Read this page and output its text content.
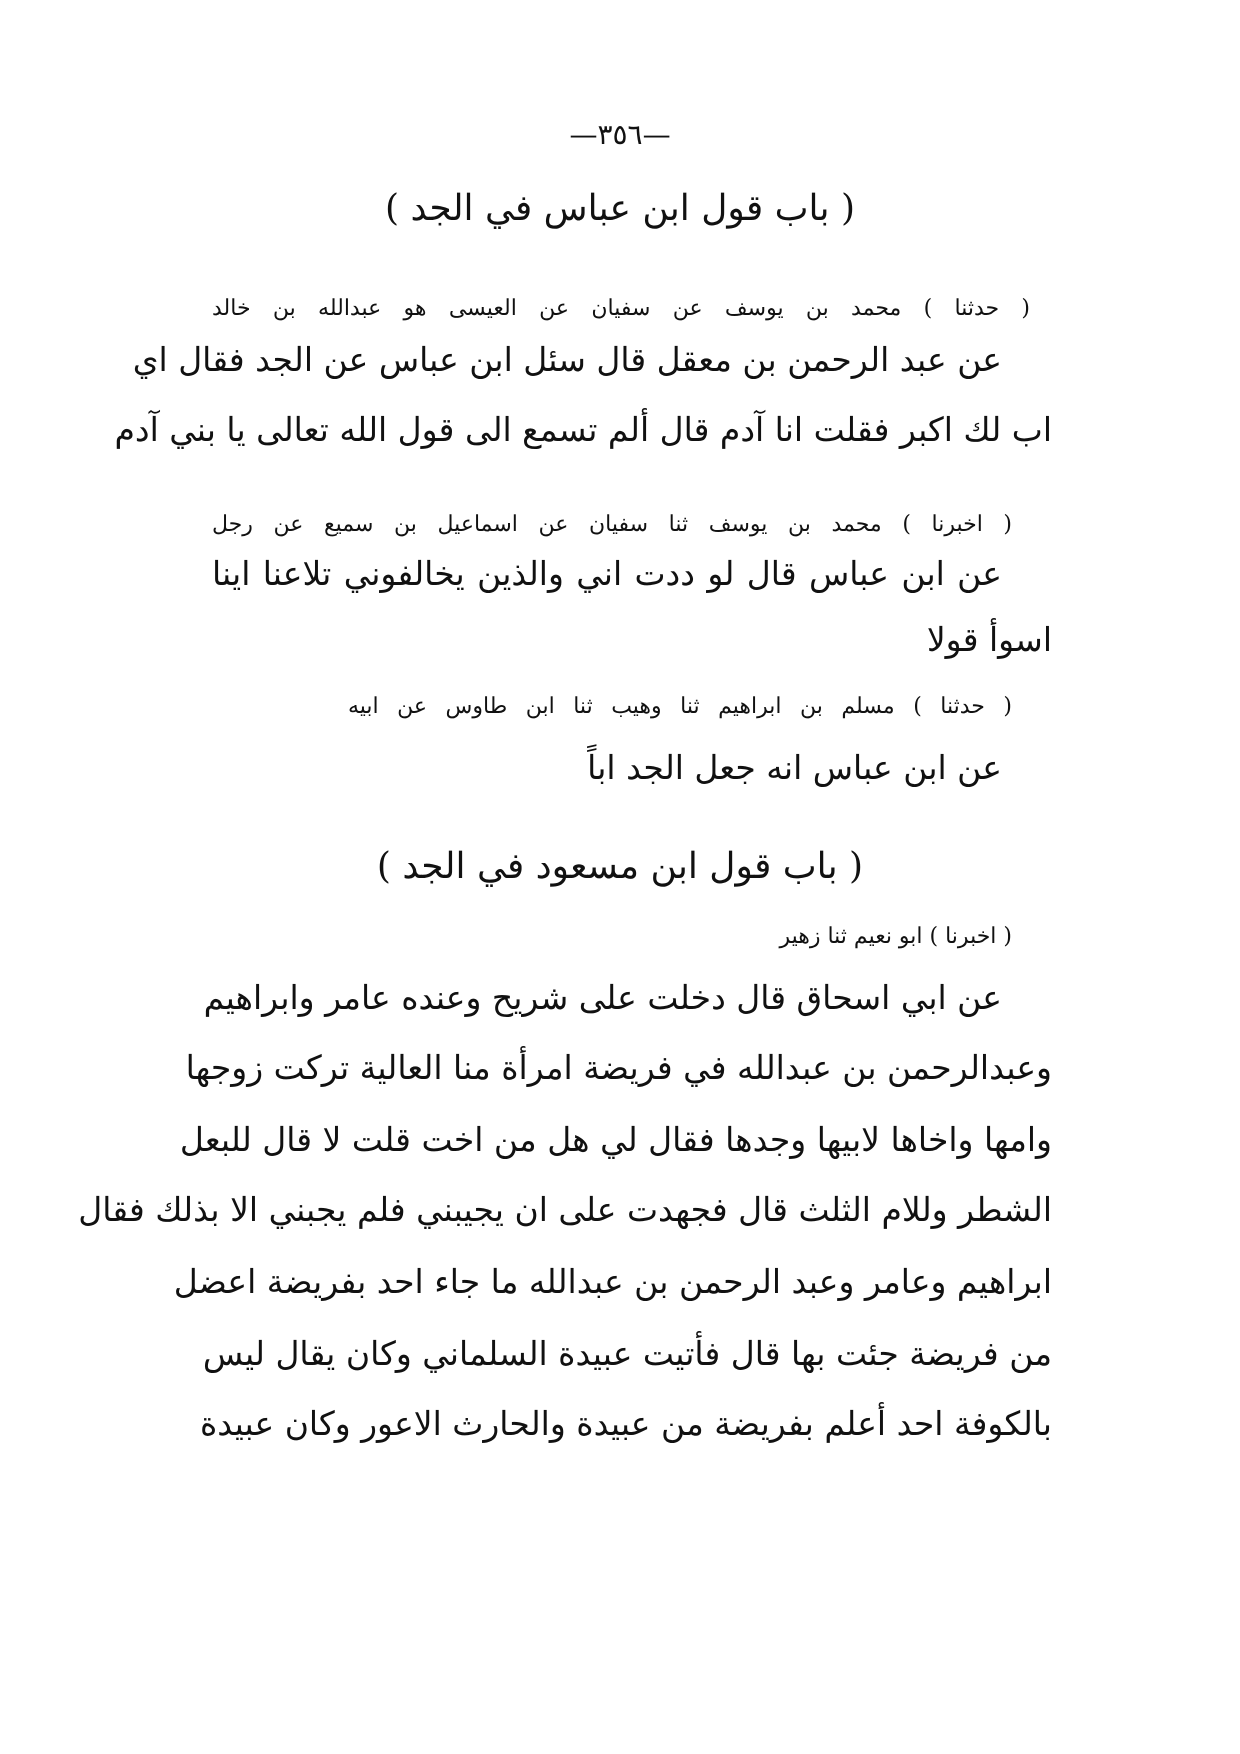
—٣٥٦—
( باب قول ابن عباس في الجد )
( حدثنا ) محمد بن يوسف عن سفيان عن العيسى هو عبدالله بن خالد
عن عبد الرحمن بن معقل قال سئل ابن عباس عن الجد فقال اي
اب لك اكبر فقلت انا آدم قال ألم تسمع الى قول الله تعالى يا بني آدم
( اخبرنا ) محمد بن يوسف ثنا سفيان عن اسماعيل بن سميع عن رجل
عن ابن عباس قال لو ددت اني والذين يخالفوني تلاعنا اينا
اسوأ قولا
( حدثنا ) مسلم بن ابراهيم ثنا وهيب ثنا ابن طاوس عن ابيه
عن ابن عباس انه جعل الجد اباً
( باب قول ابن مسعود في الجد )
( اخبرنا ) ابو نعيم ثنا زهير
عن ابي اسحاق قال دخلت على شريح وعنده عامر وابراهيم
وعبدالرحمن بن عبدالله في فريضة امرأة منا العالية تركت زوجها
وامها واخاها لابيها وجدها فقال لي هل من اخت قلت لا قال للبعل
الشطر وللام الثلث قال فجهدت على ان يجيبني فلم يجبني الا بذلك فقال
ابراهيم وعامر وعبد الرحمن بن عبدالله ما جاء احد بفريضة اعضل
من فريضة جئت بها قال فأتيت عبيدة السلماني وكان يقال ليس
بالكوفة احد أعلم بفريضة من عبيدة والحارث الاعور وكان عبيدة
